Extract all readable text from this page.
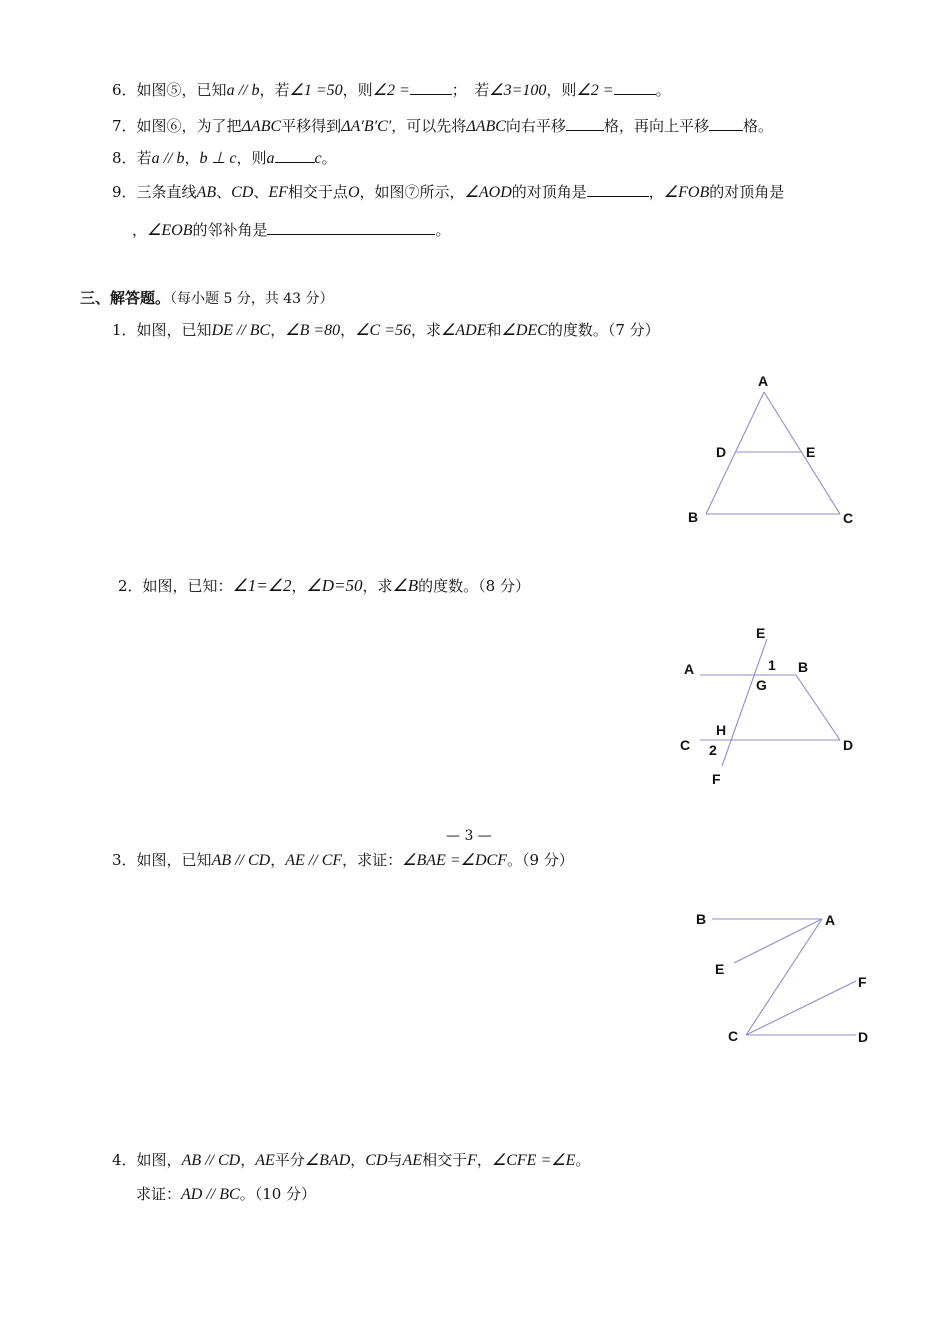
6．如图⑤，已知a // b，若∠1 =50，则∠2 =	；　若∠3=100，则∠2 =	。
7．如图⑥，为了把ΔABC平移得到ΔA′B′C′，可以先将ΔABC向右平移	格，再向上平移 格。
8．若a // b，b ⊥ c，则a	c。
9．三条直线AB、CD、EF相交于点O，如图⑦所示，∠AOD的对顶角是	，∠FOB的对顶角是
，∠EOB的邻补角是	。
三、解答题。（每小题 5 分，共 43 分）
1．如图，已知DE // BC，∠B =80，∠C =56，求∠ADE和∠DEC的度数。（7 分）
A
D	E
B	C
2．如图，已知：∠1=∠2，∠D=50，求∠B的度数。（8 分）
E
A	1 B
G
H
C 2	D
F
— 3 —
3．如图，已知AB // CD，AE // CF，求证：∠BAE =∠DCF。（9 分）
B	A
E
F
C	D
4．如图，AB // CD，AE平分∠BAD，CD与AE相交于F，∠CFE =∠E。
求证：AD // BC。（10 分）
